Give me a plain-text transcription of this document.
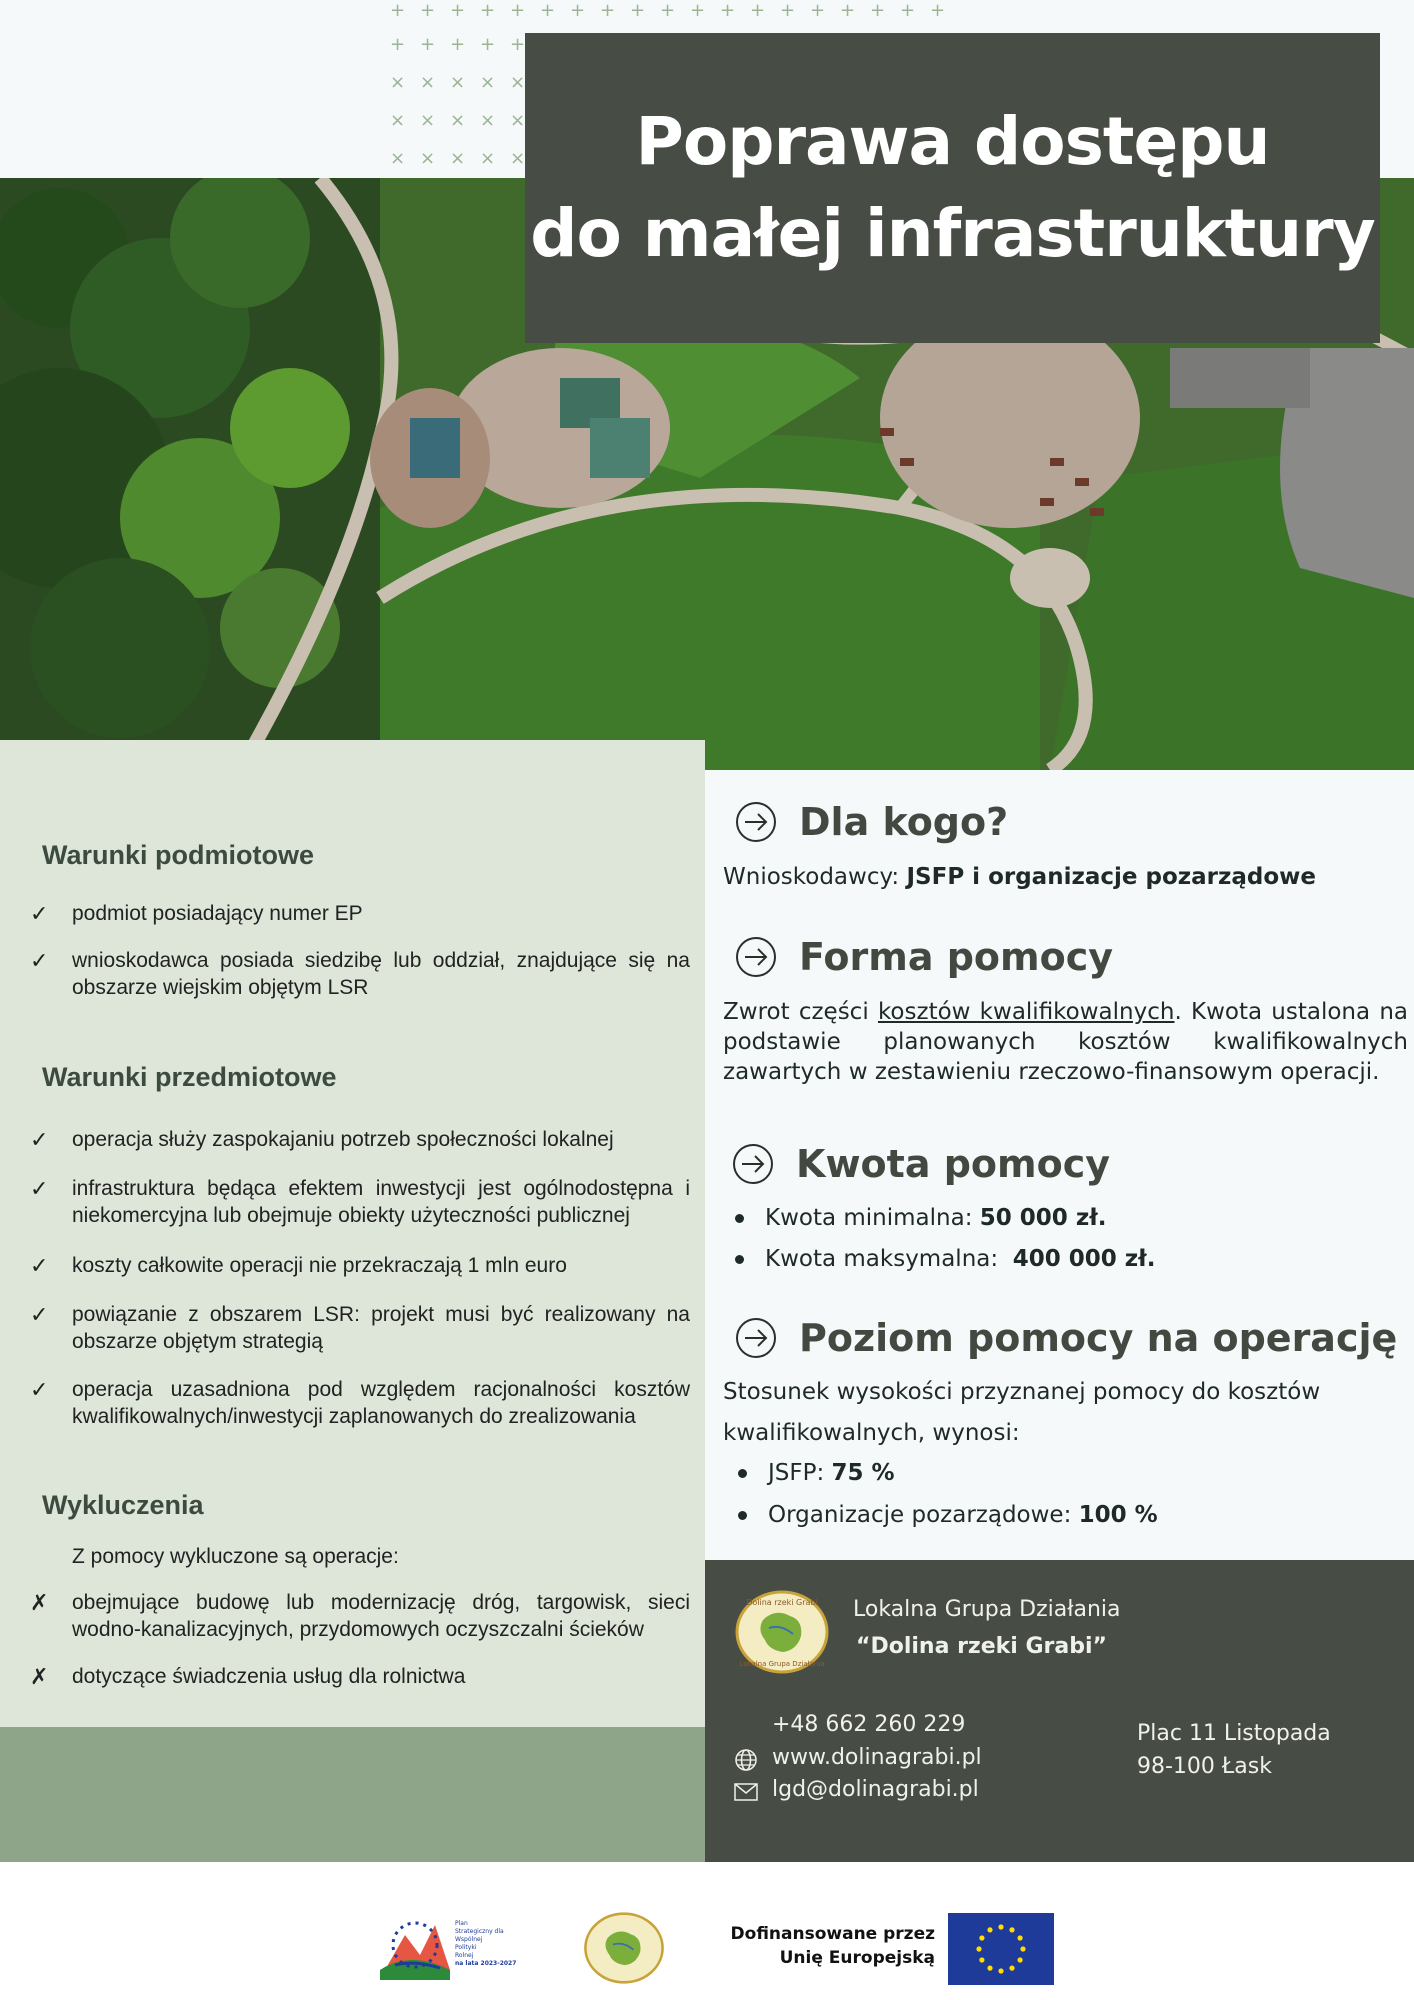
+ + + + + + + + + + + + + + + + + + +
+ + + + +
× × × × ×
× × × × ×
× × × × ×	Poprawa dostępu
do małej infrastruktury
Warunki podmiotowe
✓ podmiot posiadający numer EP
✓ wnioskodawca posiada siedzibę lub oddział, znajdujące się na obszarze wiejskim objętym LSR
Warunki przedmiotowe
✓ operacja służy zaspokajaniu potrzeb społeczności lokalnej
✓ infrastruktura będąca efektem inwestycji jest ogólnodostępna i niekomercyjna lub obejmuje obiekty użyteczności publicznej
✓ koszty całkowite operacji nie przekraczają 1 mln euro
✓ powiązanie z obszarem LSR: projekt musi być realizowany na obszarze objętym strategią
✓ operacja uzasadniona pod względem racjonalności kosztów kwalifikowalnych/inwestycji zaplanowanych do zrealizowania
Wykluczenia
Z pomocy wykluczone są operacje:
✗ obejmujące budowę lub modernizację dróg, targowisk, sieci wodno-kanalizacyjnych, przydomowych oczyszczalni ścieków
✗ dotyczące świadczenia usług dla rolnictwa
Dla kogo?
Wnioskodawcy: JSFP i organizacje pozarządowe
Forma pomocy
Zwrot części kosztów kwalifikowalnych. Kwota ustalona na podstawie planowanych kosztów kwalifikowalnych zawartych w zestawieniu rzeczowo-finansowym operacji.
Kwota pomocy
Kwota minimalna: 50 000 zł.
Kwota maksymalna:  400 000 zł.
Poziom pomocy na operację
Stosunek wysokości przyznanej pomocy do kosztów
kwalifikowalnych, wynosi:
JSFP: 75 %
Organizacje pozarządowe: 100 %
Dolina rzeki Grabi
Lokalna Grupa Działania
Lokalna Grupa Działania
“Dolina rzeki Grabi”
+48 662 260 229
www.dolinagrabi.pl
lgd@dolinagrabi.pl
Plac 11 Listopada
98-100 Łask
Plan
Strategiczny dla
Wspólnej
Polityki
Rolnej
na lata 2023-2027
Dofinansowane przez
Unię Europejską
